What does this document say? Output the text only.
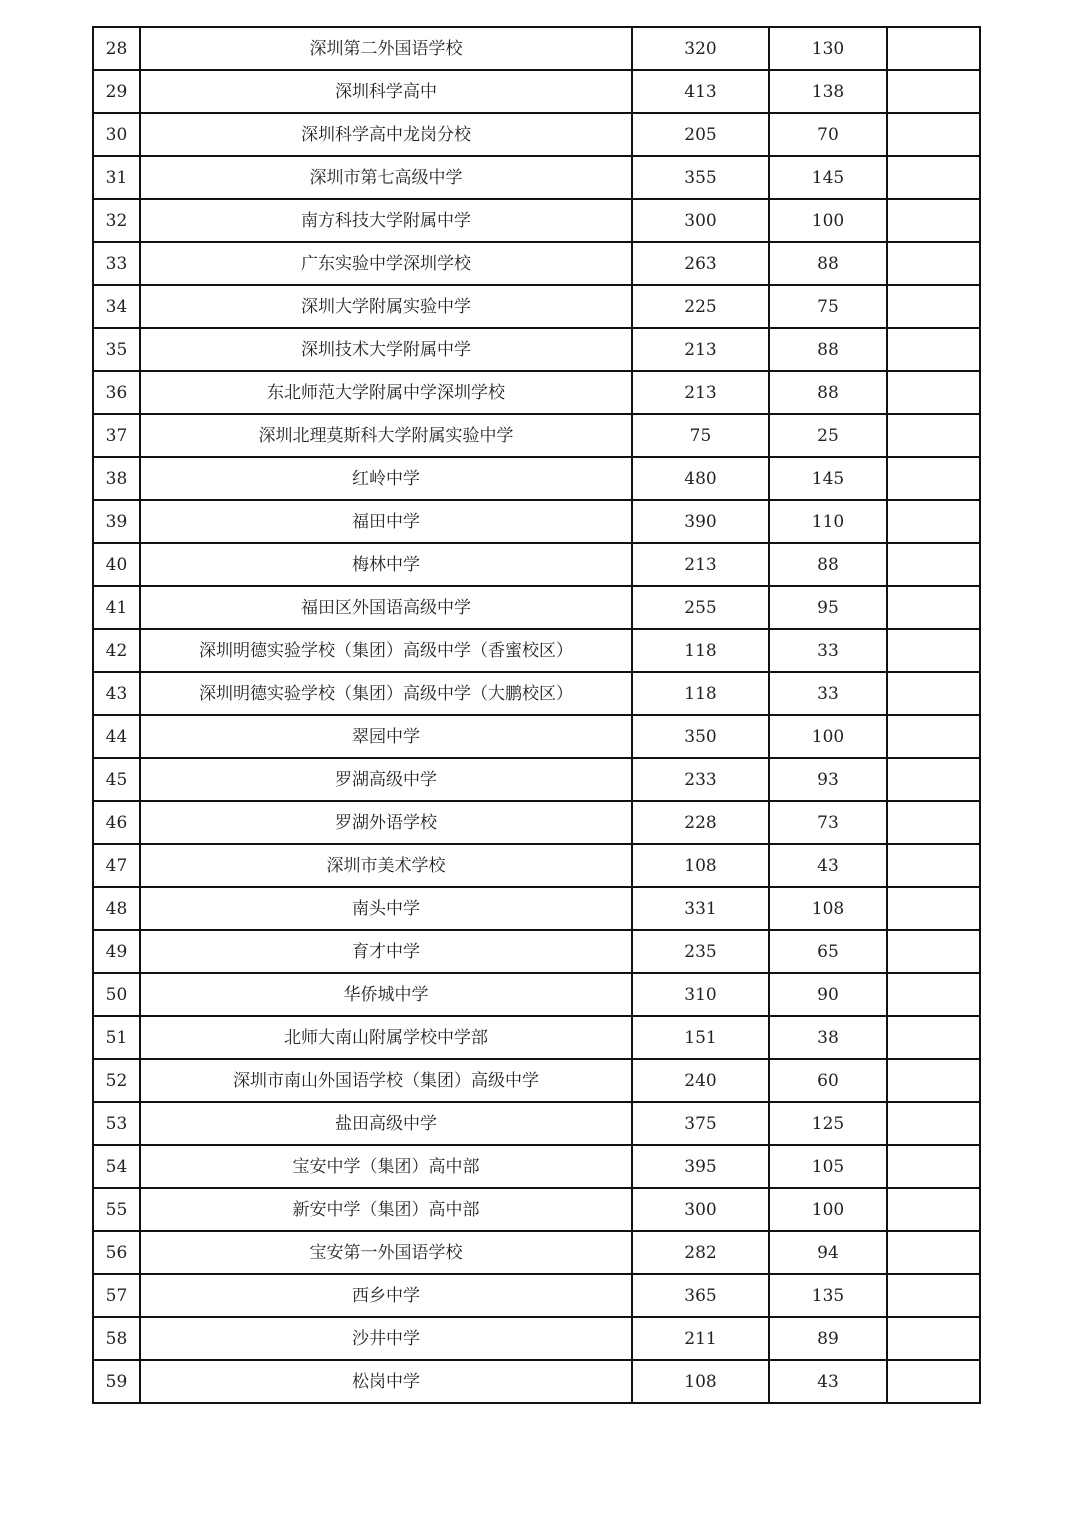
28	深圳第二外国语学校	320	130	
29	深圳科学高中	413	138	
30	深圳科学高中龙岗分校	205	70	
31	深圳市第七高级中学	355	145	
32	南方科技大学附属中学	300	100	
33	广东实验中学深圳学校	263	88	
34	深圳大学附属实验中学	225	75	
35	深圳技术大学附属中学	213	88	
36	东北师范大学附属中学深圳学校	213	88	
37	深圳北理莫斯科大学附属实验中学	75	25	
38	红岭中学	480	145	
39	福田中学	390	110	
40	梅林中学	213	88	
41	福田区外国语高级中学	255	95	
42	深圳明德实验学校（集团）高级中学（香蜜校区）	118	33	
43	深圳明德实验学校（集团）高级中学（大鹏校区）	118	33	
44	翠园中学	350	100	
45	罗湖高级中学	233	93	
46	罗湖外语学校	228	73	
47	深圳市美术学校	108	43	
48	南头中学	331	108	
49	育才中学	235	65	
50	华侨城中学	310	90	
51	北师大南山附属学校中学部	151	38	
52	深圳市南山外国语学校（集团）高级中学	240	60	
53	盐田高级中学	375	125	
54	宝安中学（集团）高中部	395	105	
55	新安中学（集团）高中部	300	100	
56	宝安第一外国语学校	282	94	
57	西乡中学	365	135	
58	沙井中学	211	89	
59	松岗中学	108	43	
